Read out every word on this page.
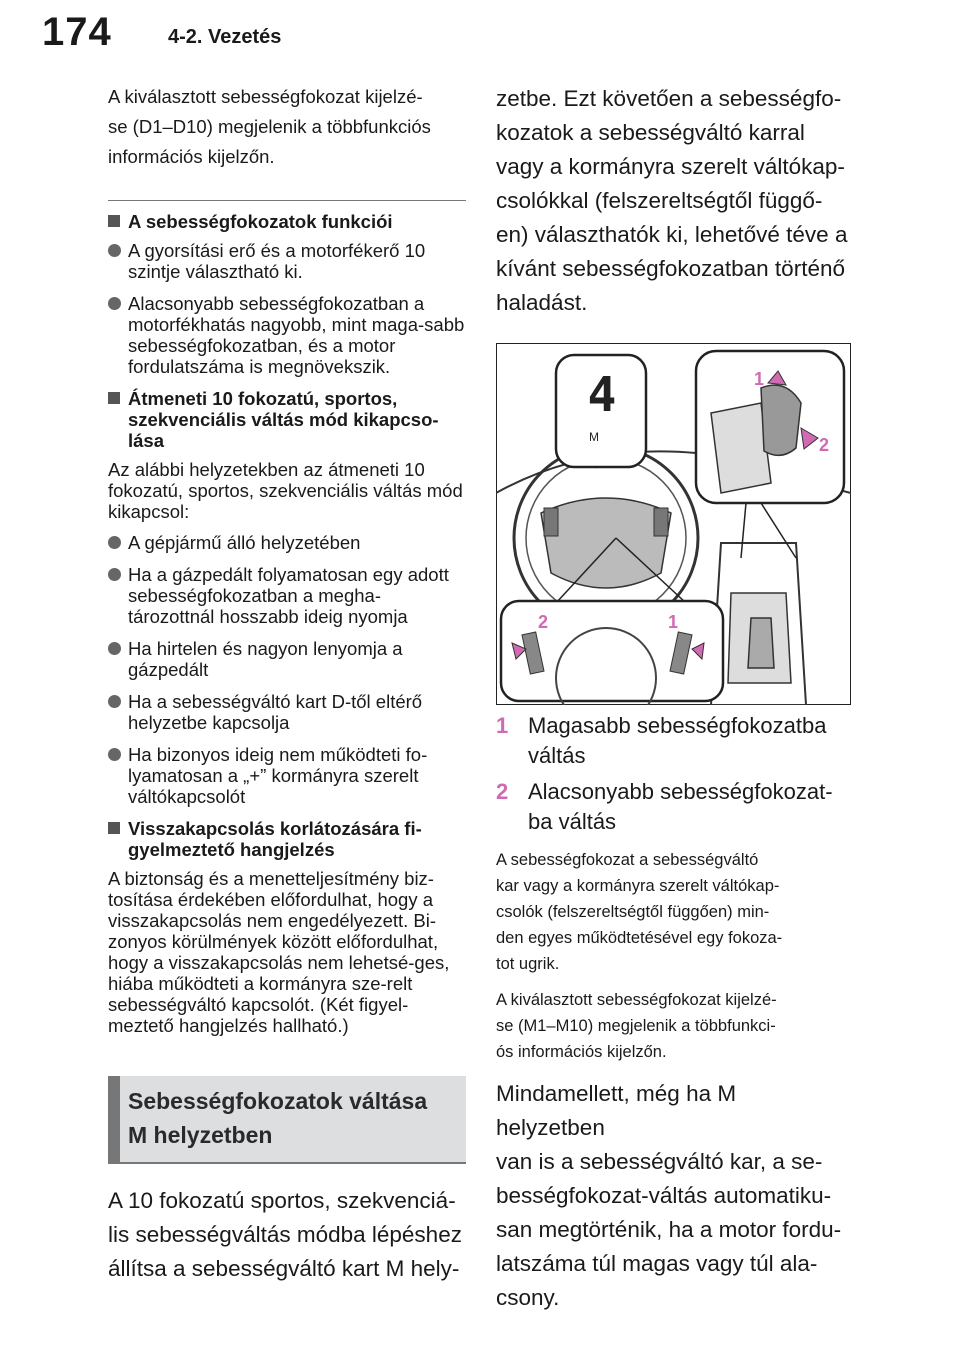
174	4-2. Vezetés

A kiválasztott sebességfokozat kijelzé-
se (D1–D10) megjelenik a többfunkciós
információs kijelzőn.

A sebességfokozatok funkciói
A gyorsítási erő és a motorfékerő 10 szintje választható ki.
Alacsonyabb sebességfokozatban a motorfékhatás nagyobb, mint maga-sabb sebességfokozatban, és a motor fordulatszáma is megnövekszik.
Átmeneti 10 fokozatú, sportos, szekvenciális váltás mód kikapcso-lása

Az alábbi helyzetekben az átmeneti 10 fokozatú, sportos, szekvenciális váltás mód kikapcsol:

A gépjármű álló helyzetében
Ha a gázpedált folyamatosan egy adott sebességfokozatban a megha-tározottnál hosszabb ideig nyomja
Ha hirtelen és nagyon lenyomja a gázpedált
Ha a sebességváltó kart D-től eltérő helyzetbe kapcsolja
Ha bizonyos ideig nem működteti fo-lyamatosan a „+” kormányra szerelt váltókapcsolót
Visszakapcsolás korlátozására fi-gyelmeztető hangjelzés

A biztonság és a menetteljesítmény biz-tosítása érdekében előfordulhat, hogy a visszakapcsolás nem engedélyezett. Bi-zonyos körülmények között előfordulhat, hogy a visszakapcsolás nem lehetsé-ges, hiába működteti a kormányra sze-relt sebességváltó kapcsolót. (Két figyel-meztető hangjelzés hallható.)

Sebességfokozatok váltása
M helyzetben

A 10 fokozatú sportos, szekvenciá-
lis sebességváltás módba lépéshez
állítsa a sebességváltó kart M hely-

zetbe. Ezt követően a sebességfo-
kozatok a sebességváltó karral
vagy a kormányra szerelt váltókap-
csolókkal (felszereltségtől függő-
en) választhatók ki, lehetővé téve a
kívánt sebességfokozatban történő
haladást.

4
M
1
2
2	1
1 Magasabb sebességfokozatba váltás
2 Alacsonyabb sebességfokozat-ba váltás

A sebességfokozat a sebességváltó
kar vagy a kormányra szerelt váltókap-
csolók (felszereltségtől függően) min-
den egyes működtetésével egy fokoza-
tot ugrik.

A kiválasztott sebességfokozat kijelzé-
se (M1–M10) megjelenik a többfunkci-
ós információs kijelzőn.

Mindamellett, még ha M helyzetben
van is a sebességváltó kar, a se-
bességfokozat-váltás automatiku-
san megtörténik, ha a motor fordu-
latszáma túl magas vagy túl ala-
csony.
